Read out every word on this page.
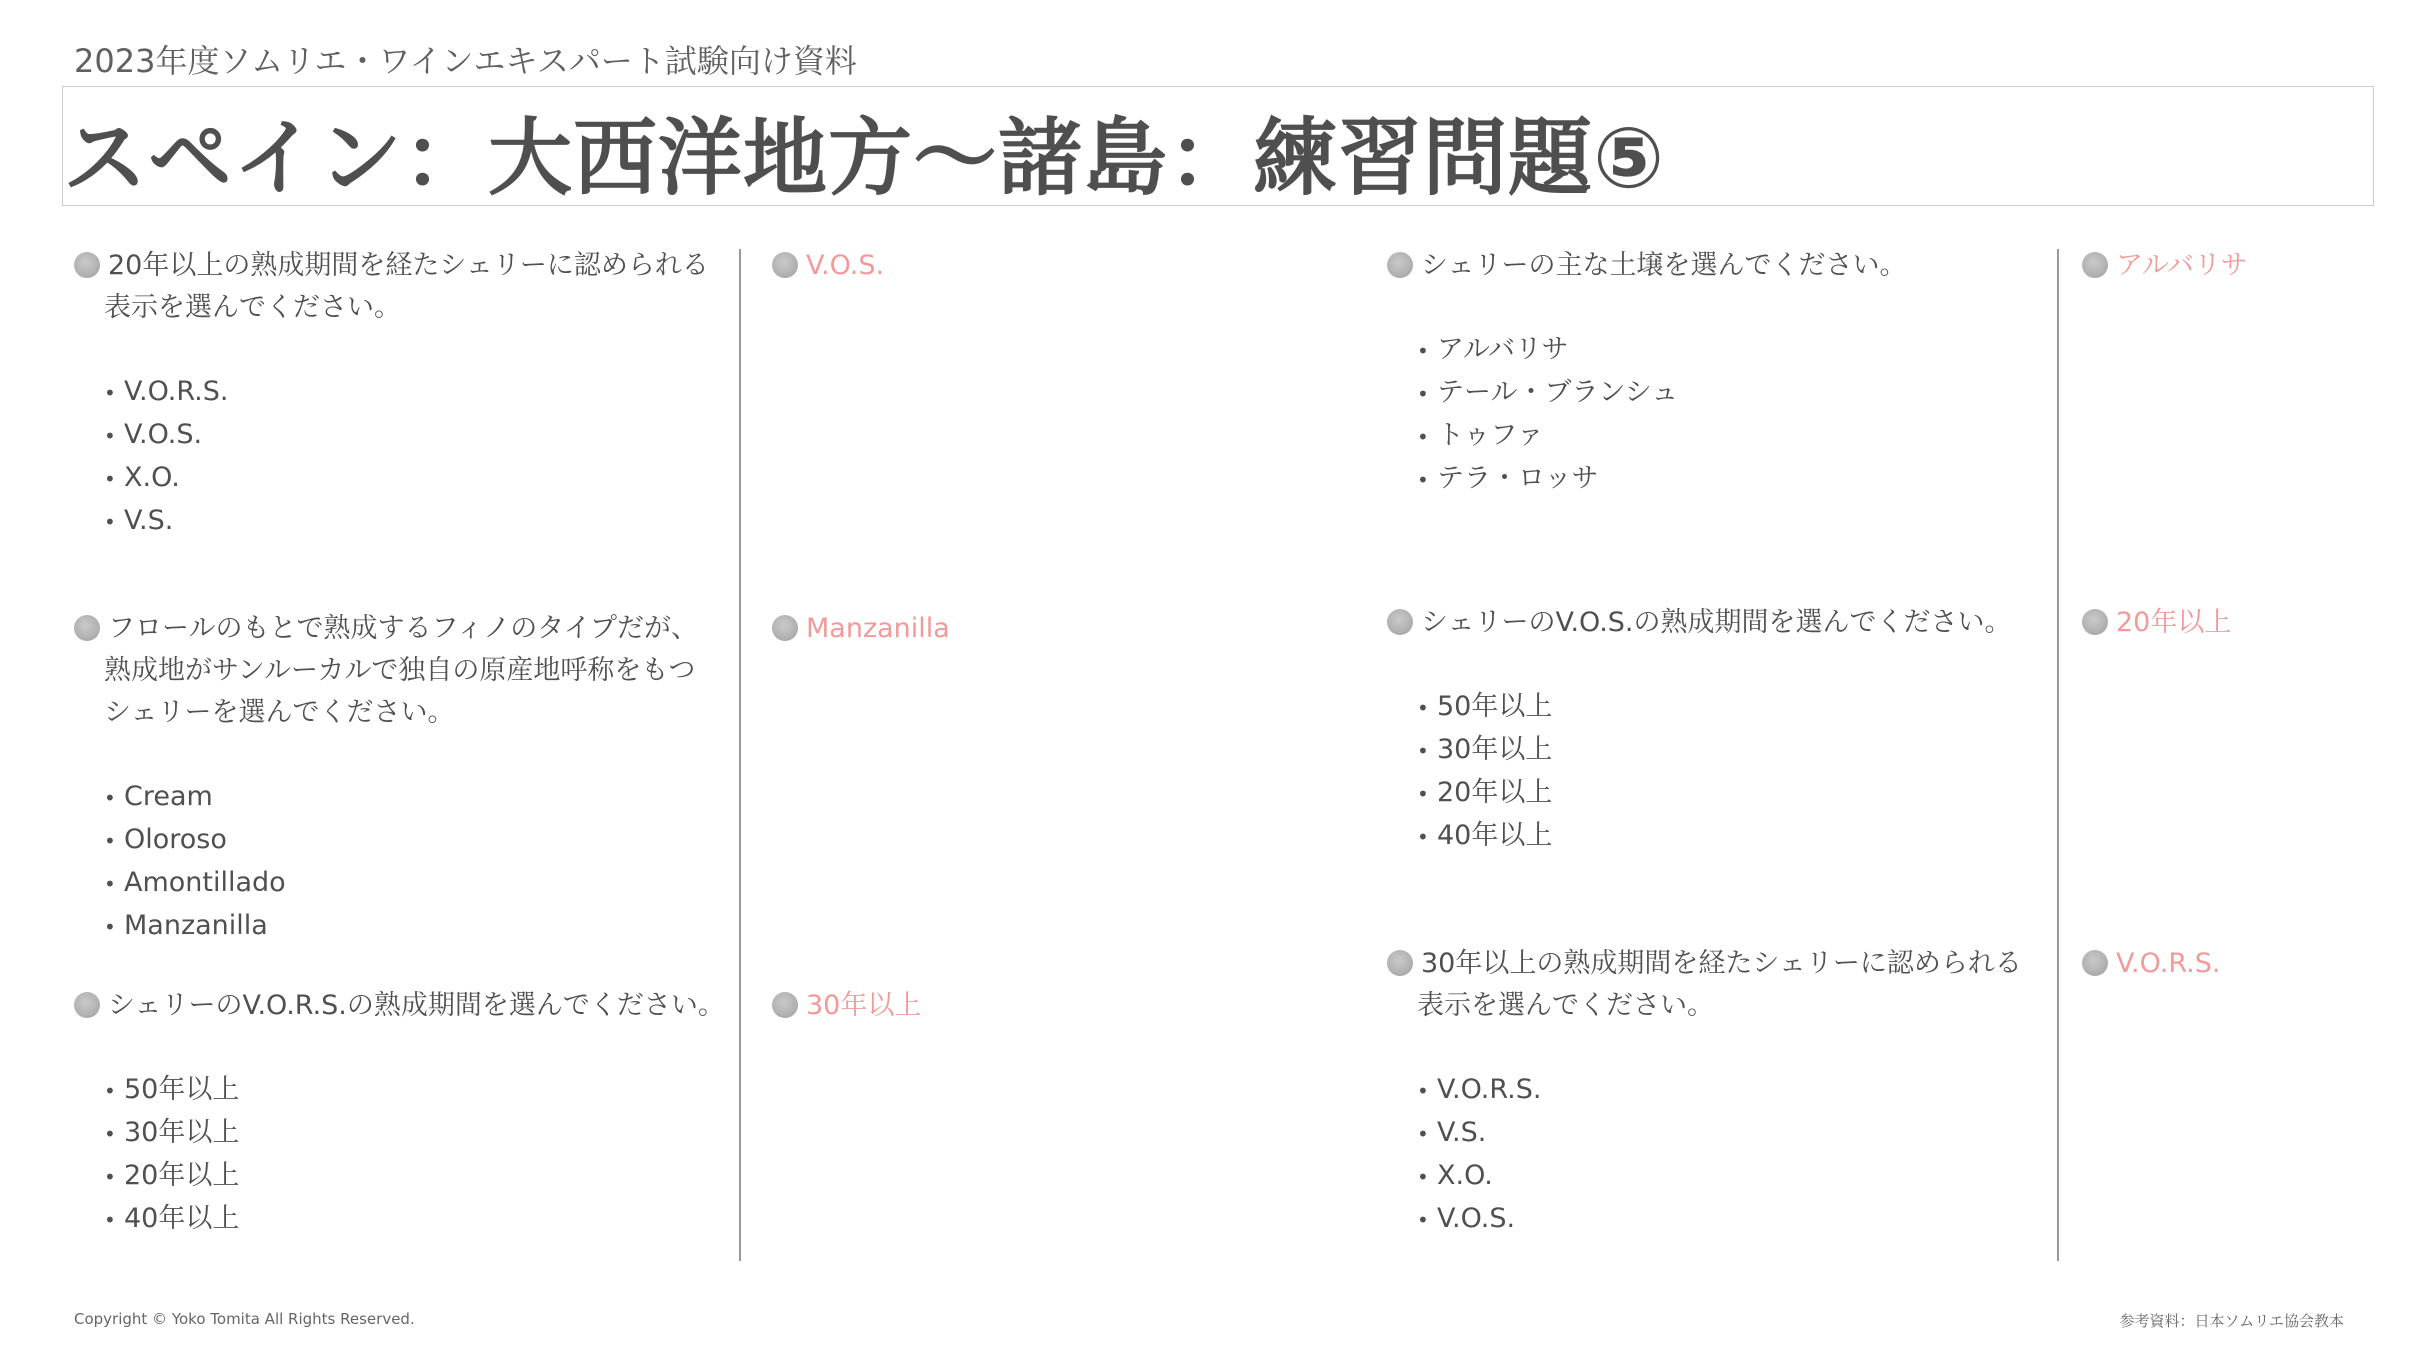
2023年度ソムリエ・ワインエキスパート試験向け資料
スペイン：大西洋地方〜諸島：練習問題⑤
20年以上の熟成期間を経たシェリーに認められる表示を選んでください。
• V.O.R.S.
• V.O.S.
• X.O.
• V.S.
V.O.S.
フロールのもとで熟成するフィノのタイプだが、 熟成地がサンルーカルで独自の原産地呼称をもつシェリーを選んでください。
• Cream
• Oloroso
• Amontillado
• Manzanilla
Manzanilla
シェリーのV.O.R.S.の熟成期間を選んでください。
• 50年以上
• 30年以上
• 20年以上
• 40年以上
30年以上
シェリーの主な土壌を選んでください。
• アルバリサ
• テール・ブランシュ
• トゥファ
• テラ・ロッサ
アルバリサ
シェリーのV.O.S.の熟成期間を選んでください。
• 50年以上
• 30年以上
• 20年以上
• 40年以上
20年以上
30年以上の熟成期間を経たシェリーに認められる表示を選んでください。
• V.O.R.S.
• V.S.
• X.O.
• V.O.S.
V.O.R.S.
Copyright © Yoko Tomita All Rights Reserved.	参考資料：日本ソムリエ協会教本
